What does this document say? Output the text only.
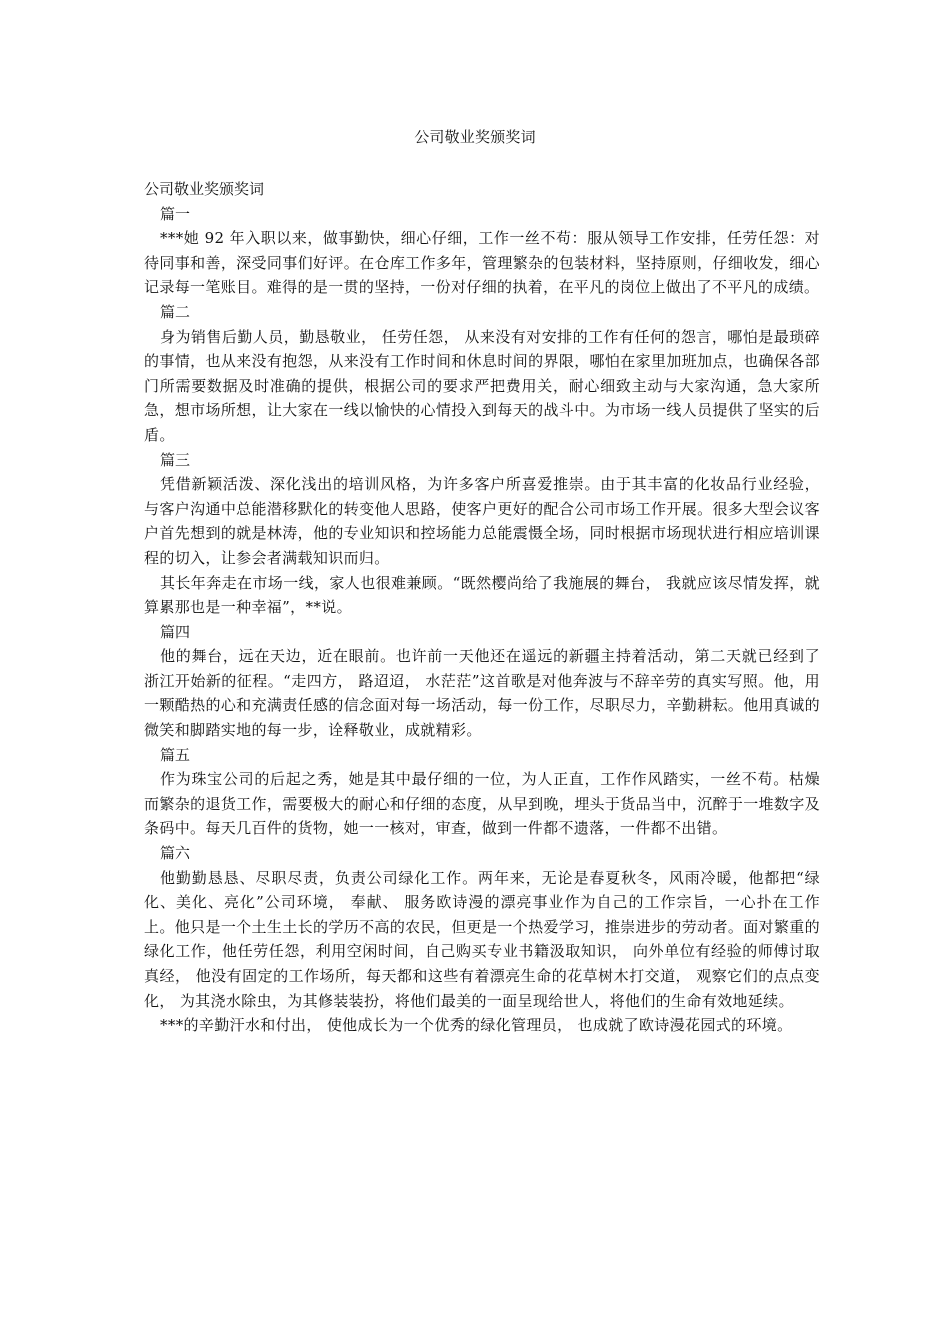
公司敬业奖颁奖词

公司敬业奖颁奖词

篇一

***她 92 年入职以来，做事勤快，细心仔细，工作一丝不苟：服从领导工作安排，任劳任怨：对待同事和善，深受同事们好评。在仓库工作多年，管理繁杂的包装材料，坚持原则，仔细收发，细心记录每一笔账目。难得的是一贯的坚持，一份对仔细的执着，在平凡的岗位上做出了不平凡的成绩。

篇二

身为销售后勤人员，勤恳敬业， 任劳任怨， 从来没有对安排的工作有任何的怨言，哪怕是最琐碎的事情，也从来没有抱怨，从来没有工作时间和休息时间的界限，哪怕在家里加班加点，也确保各部门所需要数据及时准确的提供，根据公司的要求严把费用关，耐心细致主动与大家沟通，急大家所急，想市场所想，让大家在一线以愉快的心情投入到每天的战斗中。为市场一线人员提供了坚实的后盾。

篇三

凭借新颖活泼、深化浅出的培训风格，为许多客户所喜爱推崇。由于其丰富的化妆品行业经验，与客户沟通中总能潜移默化的转变他人思路，使客户更好的配合公司市场工作开展。很多大型会议客户首先想到的就是林涛，他的专业知识和控场能力总能震慑全场，同时根据市场现状进行相应培训课程的切入，让参会者满载知识而归。

其长年奔走在市场一线，家人也很难兼顾。“既然樱尚给了我施展的舞台， 我就应该尽情发挥，就算累那也是一种幸福”，**说。

篇四

他的舞台，远在天边，近在眼前。也许前一天他还在遥远的新疆主持着活动，第二天就已经到了浙江开始新的征程。“走四方， 路迢迢， 水茫茫”这首歌是对他奔波与不辞辛劳的真实写照。他，用一颗酷热的心和充满责任感的信念面对每一场活动，每一份工作，尽职尽力，辛勤耕耘。他用真诚的微笑和脚踏实地的每一步，诠释敬业，成就精彩。

篇五

作为珠宝公司的后起之秀，她是其中最仔细的一位，为人正直，工作作风踏实，一丝不苟。枯燥而繁杂的退货工作，需要极大的耐心和仔细的态度，从早到晚，埋头于货品当中，沉醉于一堆数字及条码中。每天几百件的货物，她一一核对，审查，做到一件都不遗落，一件都不出错。

篇六

他勤勤恳恳、尽职尽责，负责公司绿化工作。两年来，无论是春夏秋冬，风雨冷暖，他都把“绿化、美化、亮化”公司环境， 奉献、 服务欧诗漫的漂亮事业作为自己的工作宗旨，一心扑在工作上。他只是一个土生土长的学历不高的农民，但更是一个热爱学习，推崇进步的劳动者。面对繁重的绿化工作，他任劳任怨，利用空闲时间，自己购买专业书籍汲取知识， 向外单位有经验的师傅讨取真经， 他没有固定的工作场所，每天都和这些有着漂亮生命的花草树木打交道， 观察它们的点点变化， 为其浇水除虫，为其修装装扮，将他们最美的一面呈现给世人，将他们的生命有效地延续。

***的辛勤汗水和付出， 使他成长为一个优秀的绿化管理员， 也成就了欧诗漫花园式的环境。
